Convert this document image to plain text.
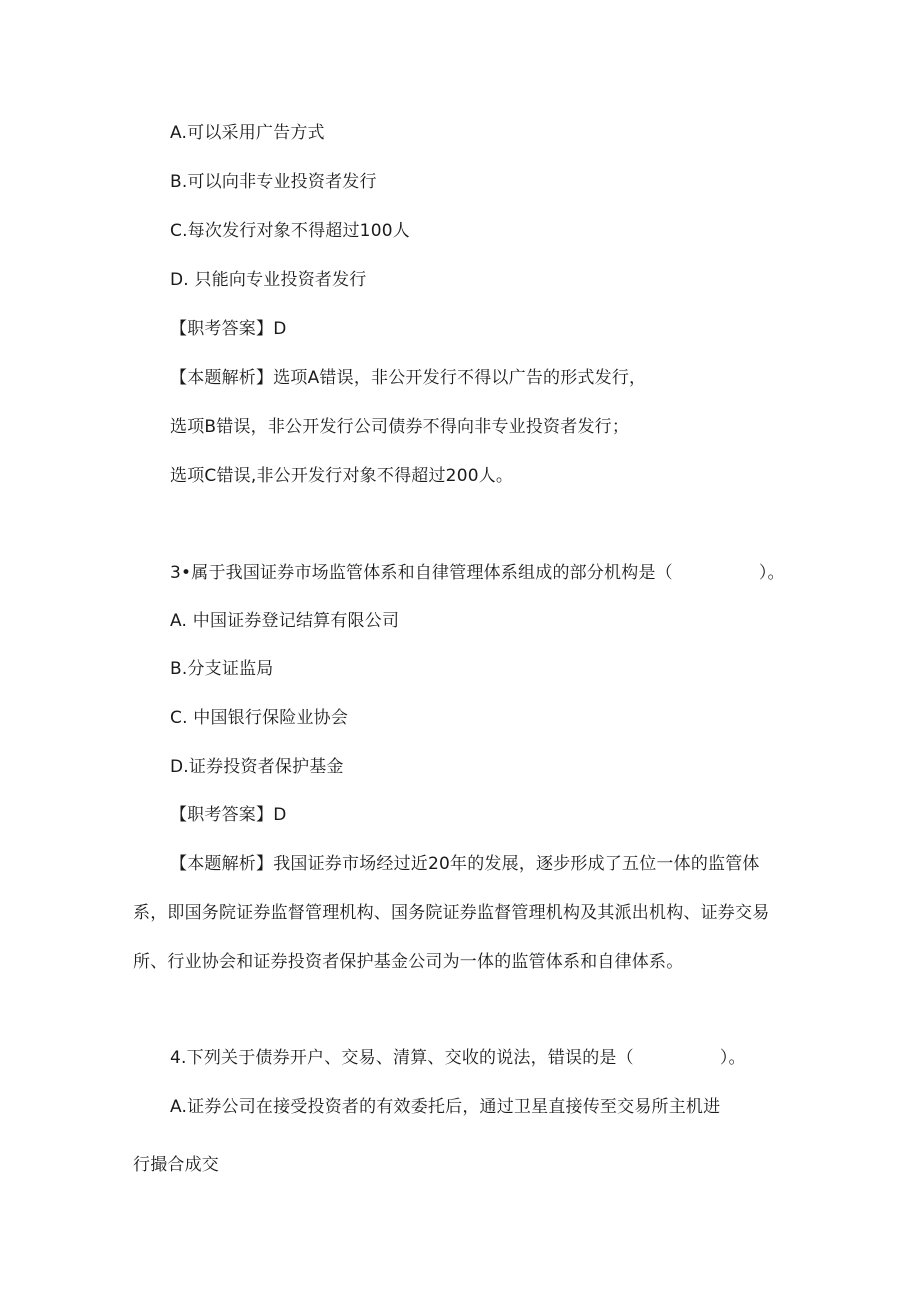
A.可以采用广告方式
B.可以向非专业投资者发行
C.每次发行对象不得超过100人
D. 只能向专业投资者发行
【职考答案】D
【本题解析】选项A错误，非公开发行不得以广告的形式发行，
选项B错误，非公开发行公司债券不得向非专业投资者发行；
选项C错误,非公开发行对象不得超过200人。
3•属于我国证券市场监管体系和自律管理体系组成的部分机构是（　　　　　）。
A. 中国证券登记结算有限公司
B.分支证监局
C. 中国银行保险业协会
D.证券投资者保护基金
【职考答案】D
【本题解析】我国证券市场经过近20年的发展，逐步形成了五位一体的监管体
系，即国务院证券监督管理机构、国务院证券监督管理机构及其派出机构、证券交易
所、行业协会和证券投资者保护基金公司为一体的监管体系和自律体系。
4.下列关于债券开户、交易、清算、交收的说法，错误的是（　　　　　）。
A.证券公司在接受投资者的有效委托后，通过卫星直接传至交易所主机进
行撮合成交
